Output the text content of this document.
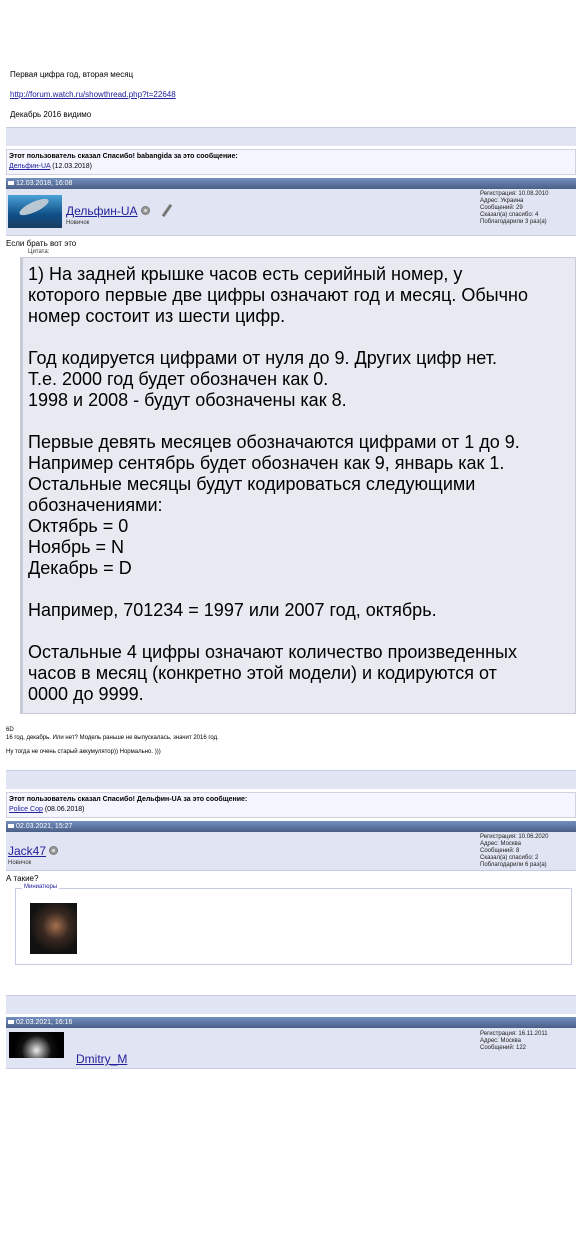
Первая цифра год, вторая месяц
http://forum.watch.ru/showthread.php?t=22648
Декабрь 2016 видимо
Этот пользователь сказал Спасибо! babangida за это сообщение:
Дельфин-UA (12.03.2018)
12.03.2018, 16:08
Дельфин-UA
Новичок
Регистрация: 10.08.2010
Адрес: Украина
Сообщений: 29
Сказал(а) спасибо: 4
Поблагодарили 3 раз(а)
Если брать вот это
Цитата:
1) На задней крышке часов есть серийный номер, у
которого первые две цифры означают год и месяц. Обычно
номер состоит из шести цифр.
Год кодируется цифрами от нуля до 9. Других цифр нет.
Т.е. 2000 год будет обозначен как 0.
1998 и 2008 - будут обозначены как 8.
Первые девять месяцев обозначаются цифрами от 1 до 9.
Например сентябрь будет обозначен как 9, январь как 1.
Остальные месяцы будут кодироваться следующими
обозначениями:
Октябрь = 0
Ноябрь = N
Декабрь = D
Например, 701234 = 1997 или 2007 год, октябрь.
Остальные 4 цифры означают количество произведенных
часов в месяц (конкретно этой модели) и кодируются от
0000 до 9999.
6D
16 год, декабрь. Или нет? Модель раньше не выпускалась, значит 2016 год.
Ну тогда не очень старый аккумулятор)) Нормально. )))
Этот пользователь сказал Спасибо! Дельфин-UA за это сообщение:
Police Cop (08.06.2018)
02.03.2021, 15:27
Jack47
Новичок
Регистрация: 10.06.2020
Адрес: Москва
Сообщений: 8
Сказал(а) спасибо: 2
Поблагодарили 6 раз(а)
А такие?
Миниатюры
02.03.2021, 16:16
Dmitry_M
Регистрация: 16.11.2011
Адрес: Москва
Сообщений: 122
